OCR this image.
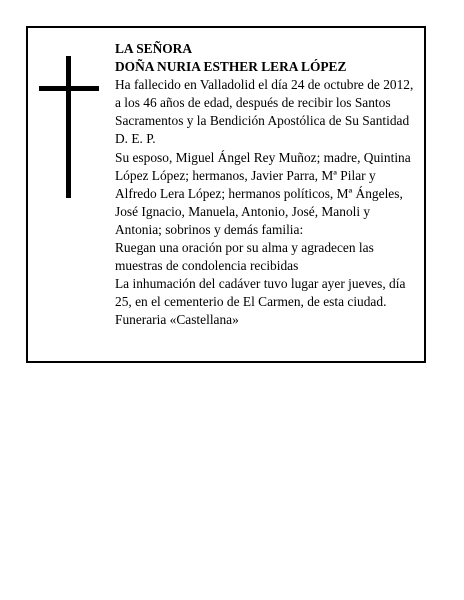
LA SEÑORA
DOÑA NURIA ESTHER LERA LÓPEZ
Ha fallecido en Valladolid el día 24 de octubre de 2012,
a los 46 años de edad, después de recibir los Santos
Sacramentos y la Bendición Apostólica de Su Santidad
D. E. P.
Su esposo, Miguel Ángel Rey Muñoz; madre, Quintina
López López; hermanos, Javier Parra, Mª Pilar y
Alfredo Lera López; hermanos políticos, Mª Ángeles,
José Ignacio, Manuela, Antonio, José, Manoli y
Antonia; sobrinos y demás familia:
Ruegan una oración por su alma y agradecen las
muestras de condolencia recibidas
La inhumación del cadáver tuvo lugar ayer jueves, día
25, en el cementerio de El Carmen, de esta ciudad.
Funeraria «Castellana»
